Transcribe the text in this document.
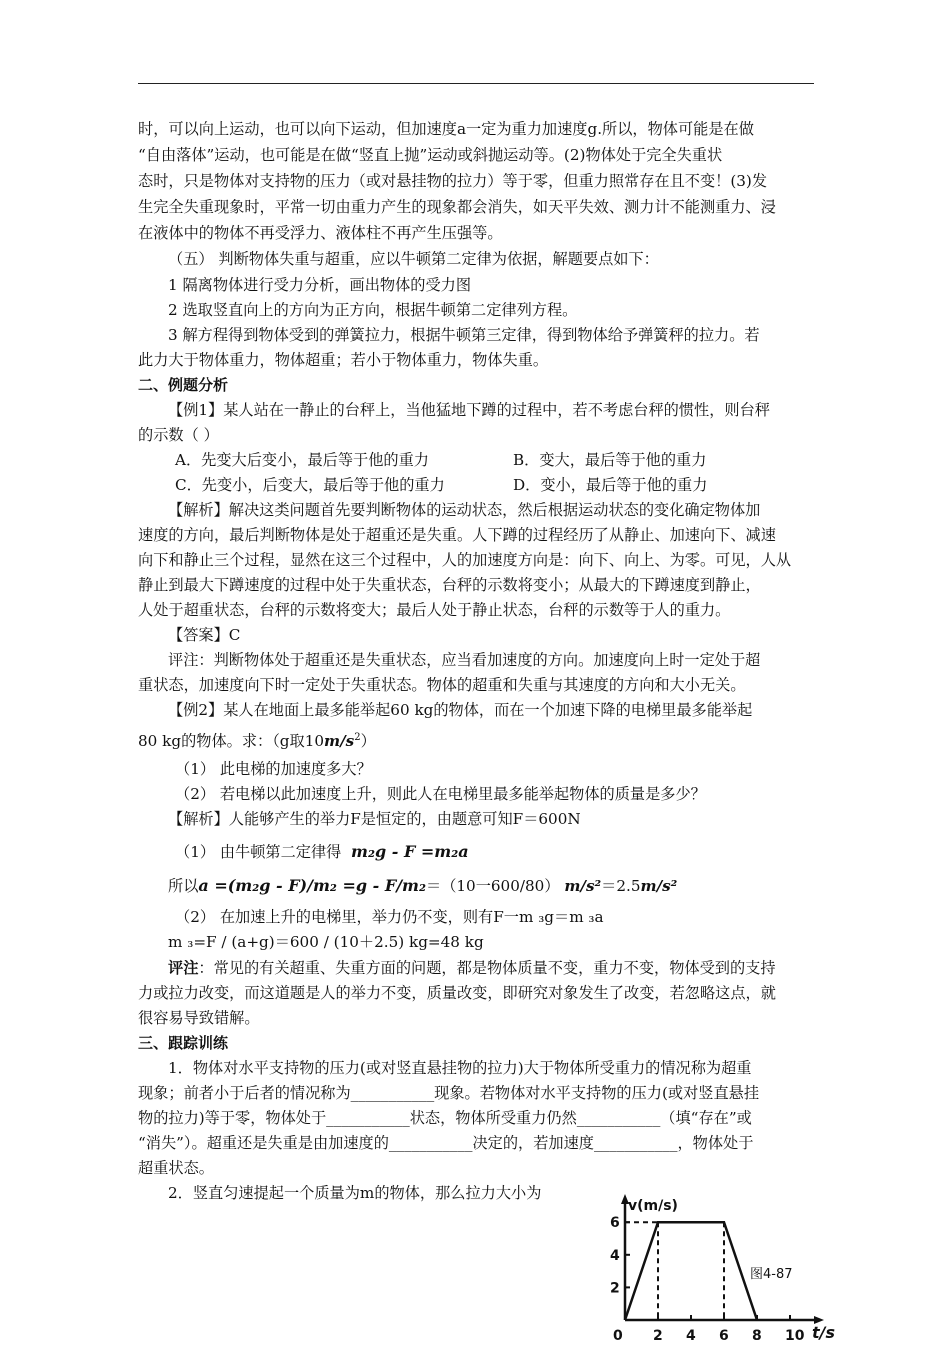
时，可以向上运动，也可以向下运动，但加速度a一定为重力加速度g.所以，物体可能是在做
“自由落体”运动，也可能是在做“竖直上抛”运动或斜抛运动等。(2)物体处于完全失重状
态时，只是物体对支持物的压力（或对悬挂物的拉力）等于零，但重力照常存在且不变！(3)发
生完全失重现象时，平常一切由重力产生的现象都会消失，如天平失效、测力计不能测重力、浸
在液体中的物体不再受浮力、液体柱不再产生压强等。
（五） 判断物体失重与超重，应以牛顿第二定律为依据，解题要点如下：
1 隔离物体进行受力分析，画出物体的受力图
2 选取竖直向上的方向为正方向，根据牛顿第二定律列方程。
3 解方程得到物体受到的弹簧拉力，根据牛顿第三定律，得到物体给予弹簧秤的拉力。若
此力大于物体重力，物体超重；若小于物体重力，物体失重。
二、例题分析
【例1】某人站在一静止的台秤上，当他猛地下蹲的过程中，若不考虑台秤的惯性，则台秤
的示数（ ）
A．先变大后变小，最后等于他的重力	B．变大，最后等于他的重力
C．先变小，后变大，最后等于他的重力	D．变小，最后等于他的重力
【解析】解决这类问题首先要判断物体的运动状态，然后根据运动状态的变化确定物体加
速度的方向，最后判断物体是处于超重还是失重。人下蹲的过程经历了从静止、加速向下、减速
向下和静止三个过程，显然在这三个过程中，人的加速度方向是：向下、向上、为零。可见，人从
静止到最大下蹲速度的过程中处于失重状态，台秤的示数将变小；从最大的下蹲速度到静止，
人处于超重状态，台秤的示数将变大；最后人处于静止状态，台秤的示数等于人的重力。
【答案】C
评注：判断物体处于超重还是失重状态，应当看加速度的方向。加速度向上时一定处于超
重状态，加速度向下时一定处于失重状态。物体的超重和失重与其速度的方向和大小无关。
【例2】某人在地面上最多能举起60 kg的物体，而在一个加速下降的电梯里最多能举起
80 kg的物体。求：（g取$10m/s^2$）
（1） 此电梯的加速度多大？
（2） 若电梯以此加速度上升，则此人在电梯里最多能举起物体的质量是多少？
【解析】人能够产生的举力F是恒定的，由题意可知F＝600N
（1） 由牛顿第二定律得 m₂g - F =m₂a
所以a =(m₂g - F)/m₂ =g - F/m₂＝（10一600/80） m/s²＝2.5m/s²
（2） 在加速上升的电梯里，举力仍不变，则有F一m ₃g＝m ₃a
m ₃=F / (a+g)＝600 / (10＋2.5) kg=48 kg
评注：常见的有关超重、失重方面的问题，都是物体质量不变，重力不变，物体受到的支持
力或拉力改变，而这道题是人的举力不变，质量改变，即研究对象发生了改变，若忽略这点，就
很容易导致错解。
三、跟踪训练
1．物体对水平支持物的压力(或对竖直悬挂物的拉力)大于物体所受重力的情况称为超重
现象；前者小于后者的情况称为___________现象。若物体对水平支持物的压力(或对竖直悬挂
物的拉力)等于零，物体处于___________状态，物体所受重力仍然___________（填“存在”或
“消失”）。超重还是失重是由加速度的___________决定的，若加速度___________，物体处于
超重状态。
2．竖直匀速提起一个质量为m的物体，那么拉力大小为
0 2 4 6 8 10
2
4
6
v(m/s)
t/s
图4-87
